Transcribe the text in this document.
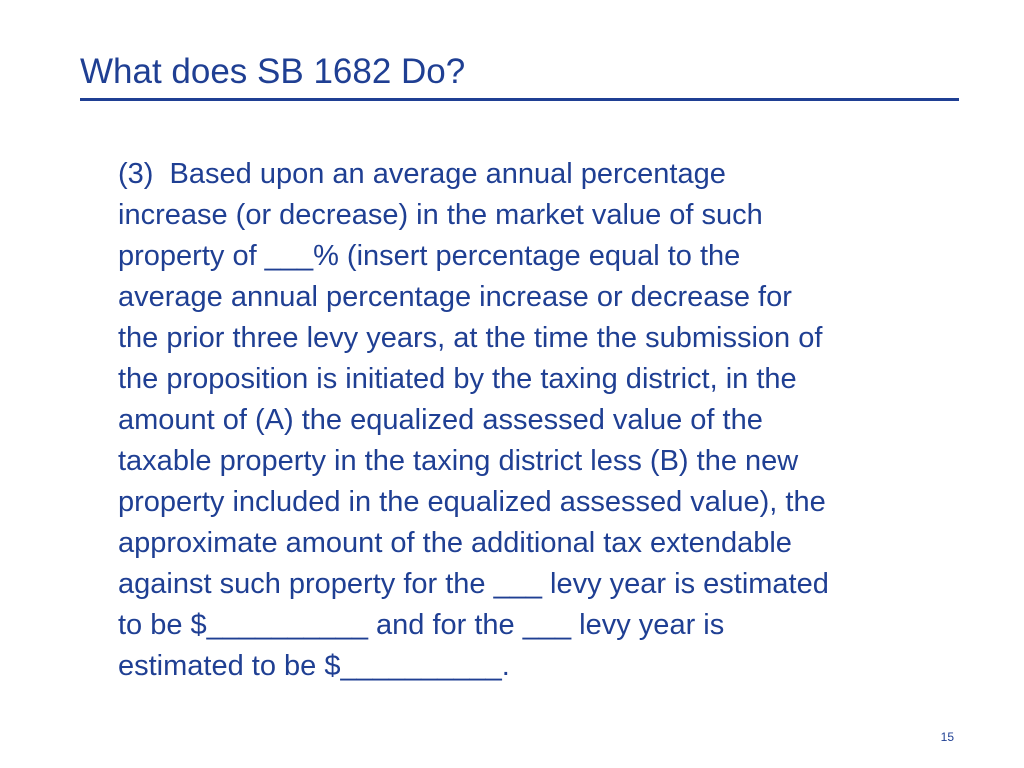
What does SB 1682 Do?

(3)  Based upon an average annual percentage
increase (or decrease) in the market value of such
property of ___% (insert percentage equal to the
average annual percentage increase or decrease for
the prior three levy years, at the time the submission of
the proposition is initiated by the taxing district, in the
amount of (A) the equalized assessed value of the
taxable property in the taxing district less (B) the new
property included in the equalized assessed value), the
approximate amount of the additional tax extendable
against such property for the ___ levy year is estimated
to be $__________ and for the ___ levy year is
estimated to be $__________.

15
